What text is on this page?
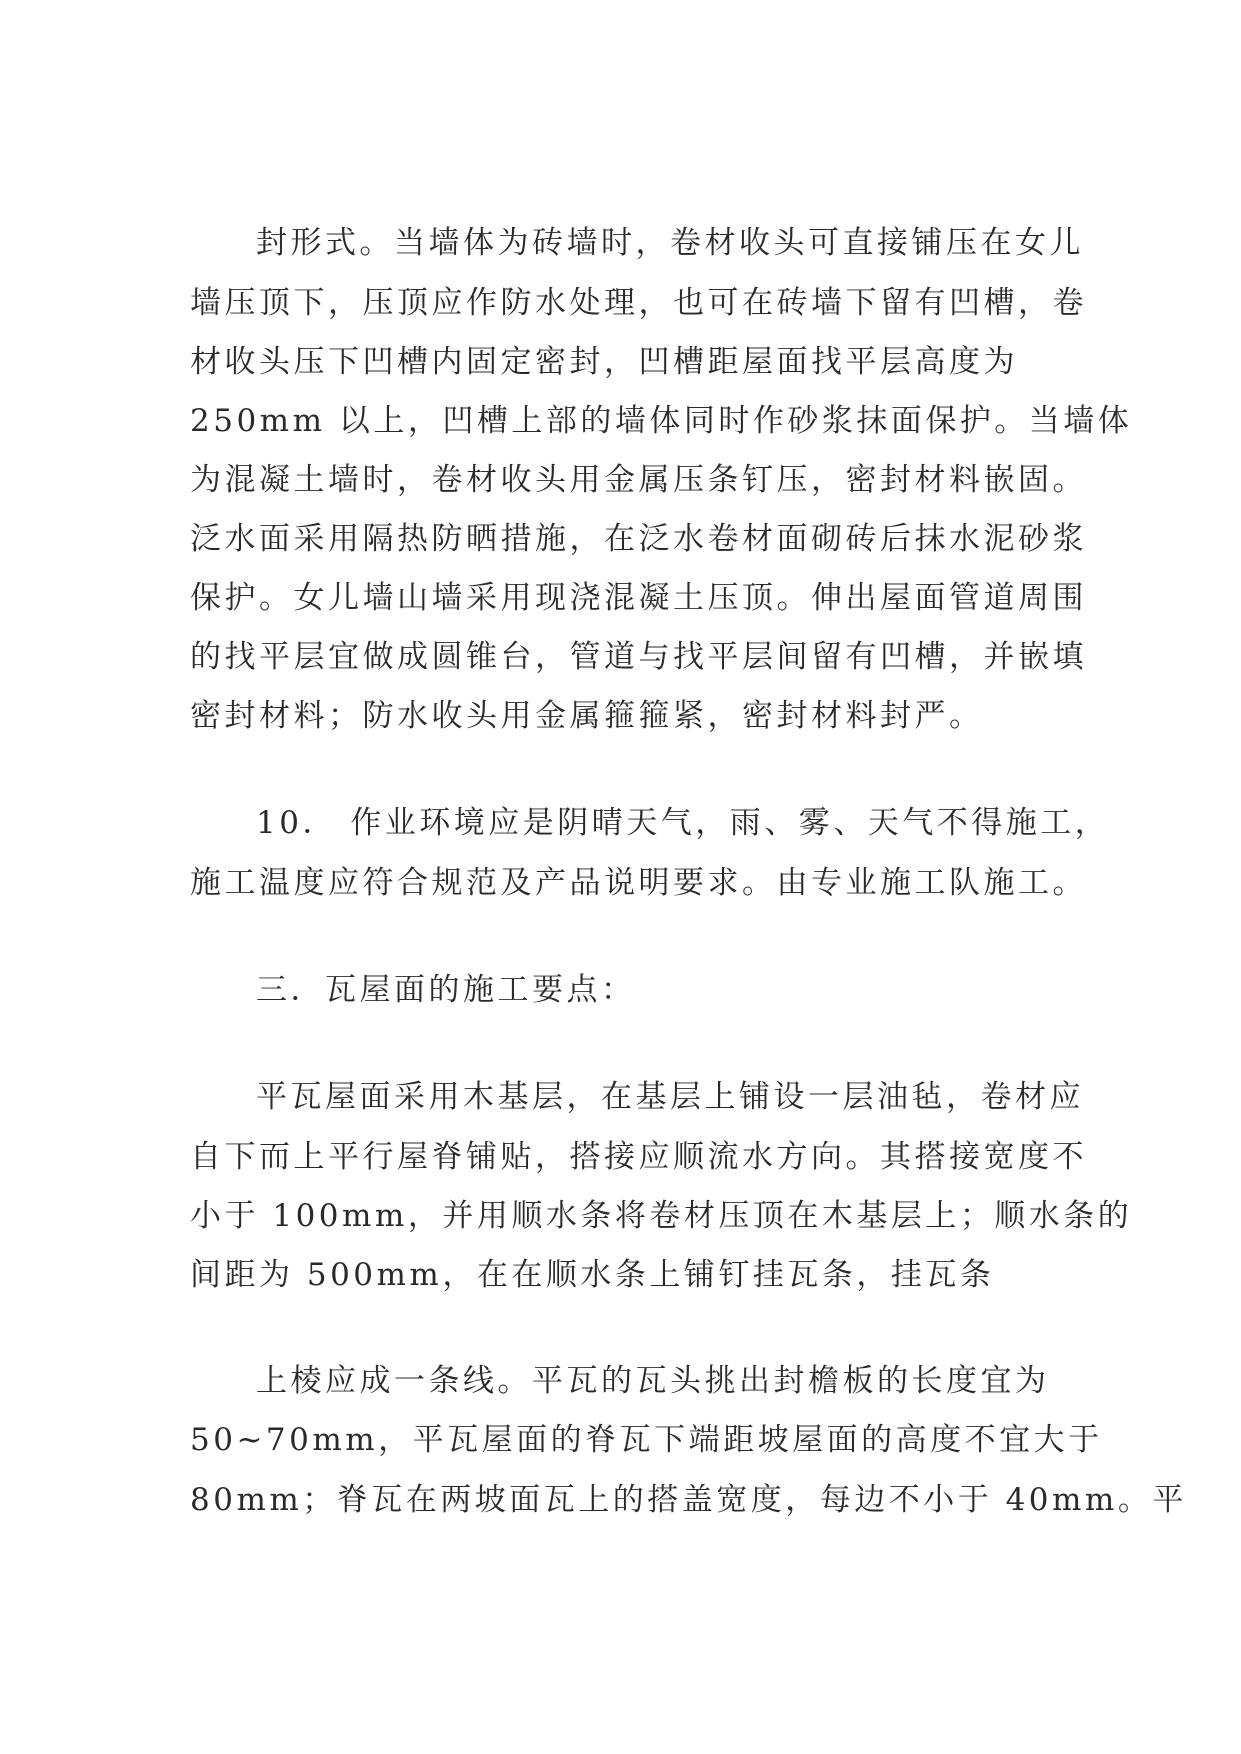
封形式。当墙体为砖墙时，卷材收头可直接铺压在女儿
墙压顶下，压顶应作防水处理，也可在砖墙下留有凹槽，卷
材收头压下凹槽内固定密封，凹槽距屋面找平层高度为
250mm 以上，凹槽上部的墙体同时作砂浆抹面保护。当墙体
为混凝土墙时，卷材收头用金属压条钉压，密封材料嵌固。
泛水面采用隔热防晒措施，在泛水卷材面砌砖后抹水泥砂浆
保护。女儿墙山墙采用现浇混凝土压顶。伸出屋面管道周围
的找平层宜做成圆锥台，管道与找平层间留有凹槽，并嵌填
密封材料；防水收头用金属箍箍紧，密封材料封严。
10． 作业环境应是阴晴天气，雨、雾、天气不得施工，
施工温度应符合规范及产品说明要求。由专业施工队施工。
三．瓦屋面的施工要点：
平瓦屋面采用木基层，在基层上铺设一层油毡，卷材应
自下而上平行屋脊铺贴，搭接应顺流水方向。其搭接宽度不
小于 100mm，并用顺水条将卷材压顶在木基层上；顺水条的
间距为 500mm，在在顺水条上铺钉挂瓦条，挂瓦条
上棱应成一条线。平瓦的瓦头挑出封檐板的长度宜为
50~70mm，平瓦屋面的脊瓦下端距坡屋面的高度不宜大于
80mm；脊瓦在两坡面瓦上的搭盖宽度，每边不小于 40mm。平
